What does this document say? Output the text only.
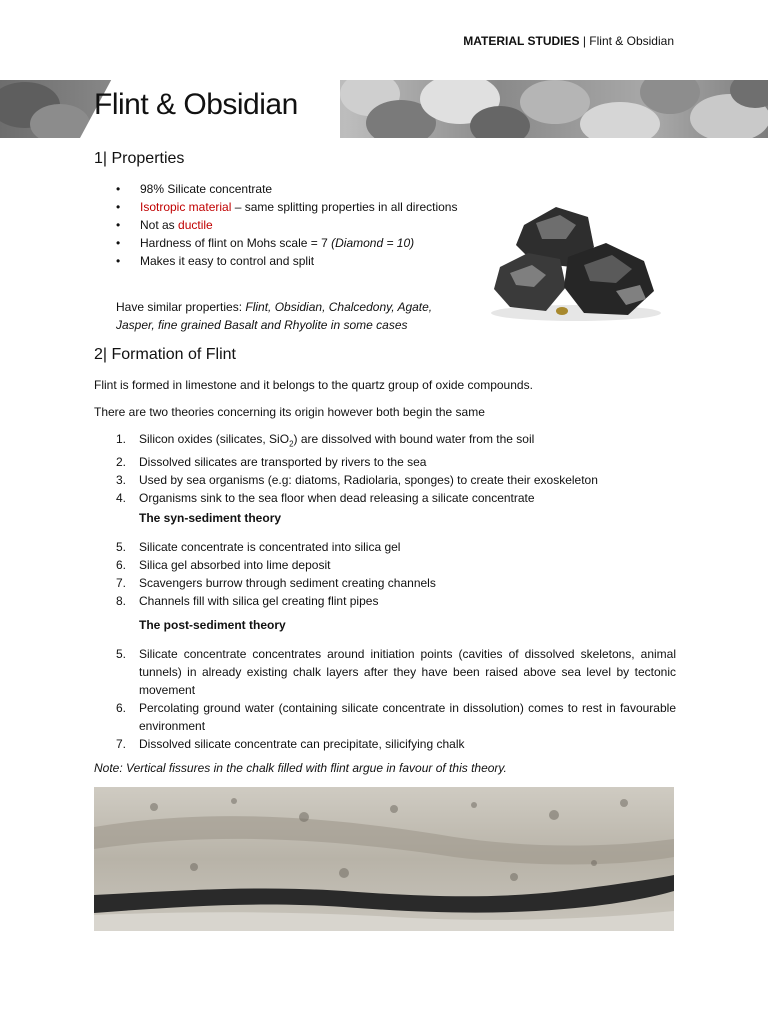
MATERIAL STUDIES | Flint & Obsidian
Flint & Obsidian
1| Properties
• 98% Silicate concentrate
• Isotropic material – same splitting properties in all directions
• Not as ductile
• Hardness of flint on Mohs scale = 7 (Diamond = 10)
• Makes it easy to control and split
Have similar properties: Flint, Obsidian, Chalcedony, Agate, Jasper, fine grained Basalt and Rhyolite in some cases
2| Formation of Flint
Flint is formed in limestone and it belongs to the quartz group of oxide compounds.
There are two theories concerning its origin however both begin the same
1. Silicon oxides (silicates, SiO$_2$) are dissolved with bound water from the soil
2. Dissolved silicates are transported by rivers to the sea
3. Used by sea organisms (e.g: diatoms, Radiolaria, sponges) to create their exoskeleton
4. Organisms sink to the sea floor when dead releasing a silicate concentrate
The syn-sediment theory
5. Silicate concentrate is concentrated into silica gel
6. Silica gel absorbed into lime deposit
7. Scavengers burrow through sediment creating channels
8. Channels fill with silica gel creating flint pipes
The post-sediment theory
5. Silicate concentrate concentrates around initiation points (cavities of dissolved skeletons, animal tunnels) in already existing chalk layers after they have been raised above sea level by tectonic movement
6. Percolating ground water (containing silicate concentrate in dissolution) comes to rest in favourable environment
7. Dissolved silicate concentrate can precipitate, silicifying chalk
Note: Vertical fissures in the chalk filled with flint argue in favour of this theory.
